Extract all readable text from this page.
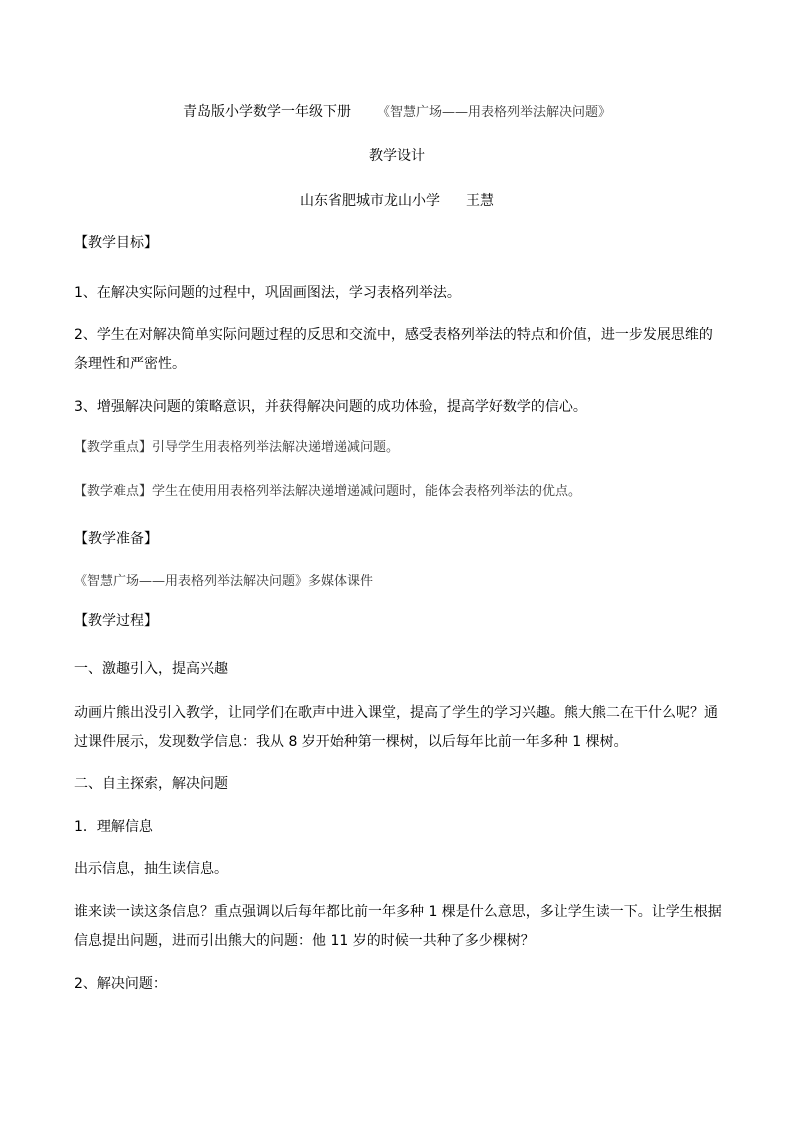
青岛版小学数学一年级下册 《智慧广场——用表格列举法解决问题》
教学设计
山东省肥城市龙山小学 王慧
【教学目标】
1、在解决实际问题的过程中，巩固画图法，学习表格列举法。
2、学生在对解决简单实际问题过程的反思和交流中，感受表格列举法的特点和价值，进一步发展思维的
条理性和严密性。
3、增强解决问题的策略意识，并获得解决问题的成功体验，提高学好数学的信心。
【教学重点】引导学生用表格列举法解决递增递减问题。
【教学难点】学生在使用用表格列举法解决递增递减问题时，能体会表格列举法的优点。
【教学准备】
《智慧广场——用表格列举法解决问题》多媒体课件
【教学过程】
一、激趣引入，提高兴趣
动画片熊出没引入教学，让同学们在歌声中进入课堂，提高了学生的学习兴趣。熊大熊二在干什么呢？通
过课件展示，发现数学信息：我从 8 岁开始种第一棵树，以后每年比前一年多种 1 棵树。
二、自主探索，解决问题
1．理解信息
出示信息，抽生读信息。
谁来读一读这条信息？重点强调以后每年都比前一年多种 1 棵是什么意思，多让学生读一下。让学生根据
信息提出问题，进而引出熊大的问题：他 11 岁的时候一共种了多少棵树？
2、解决问题：
